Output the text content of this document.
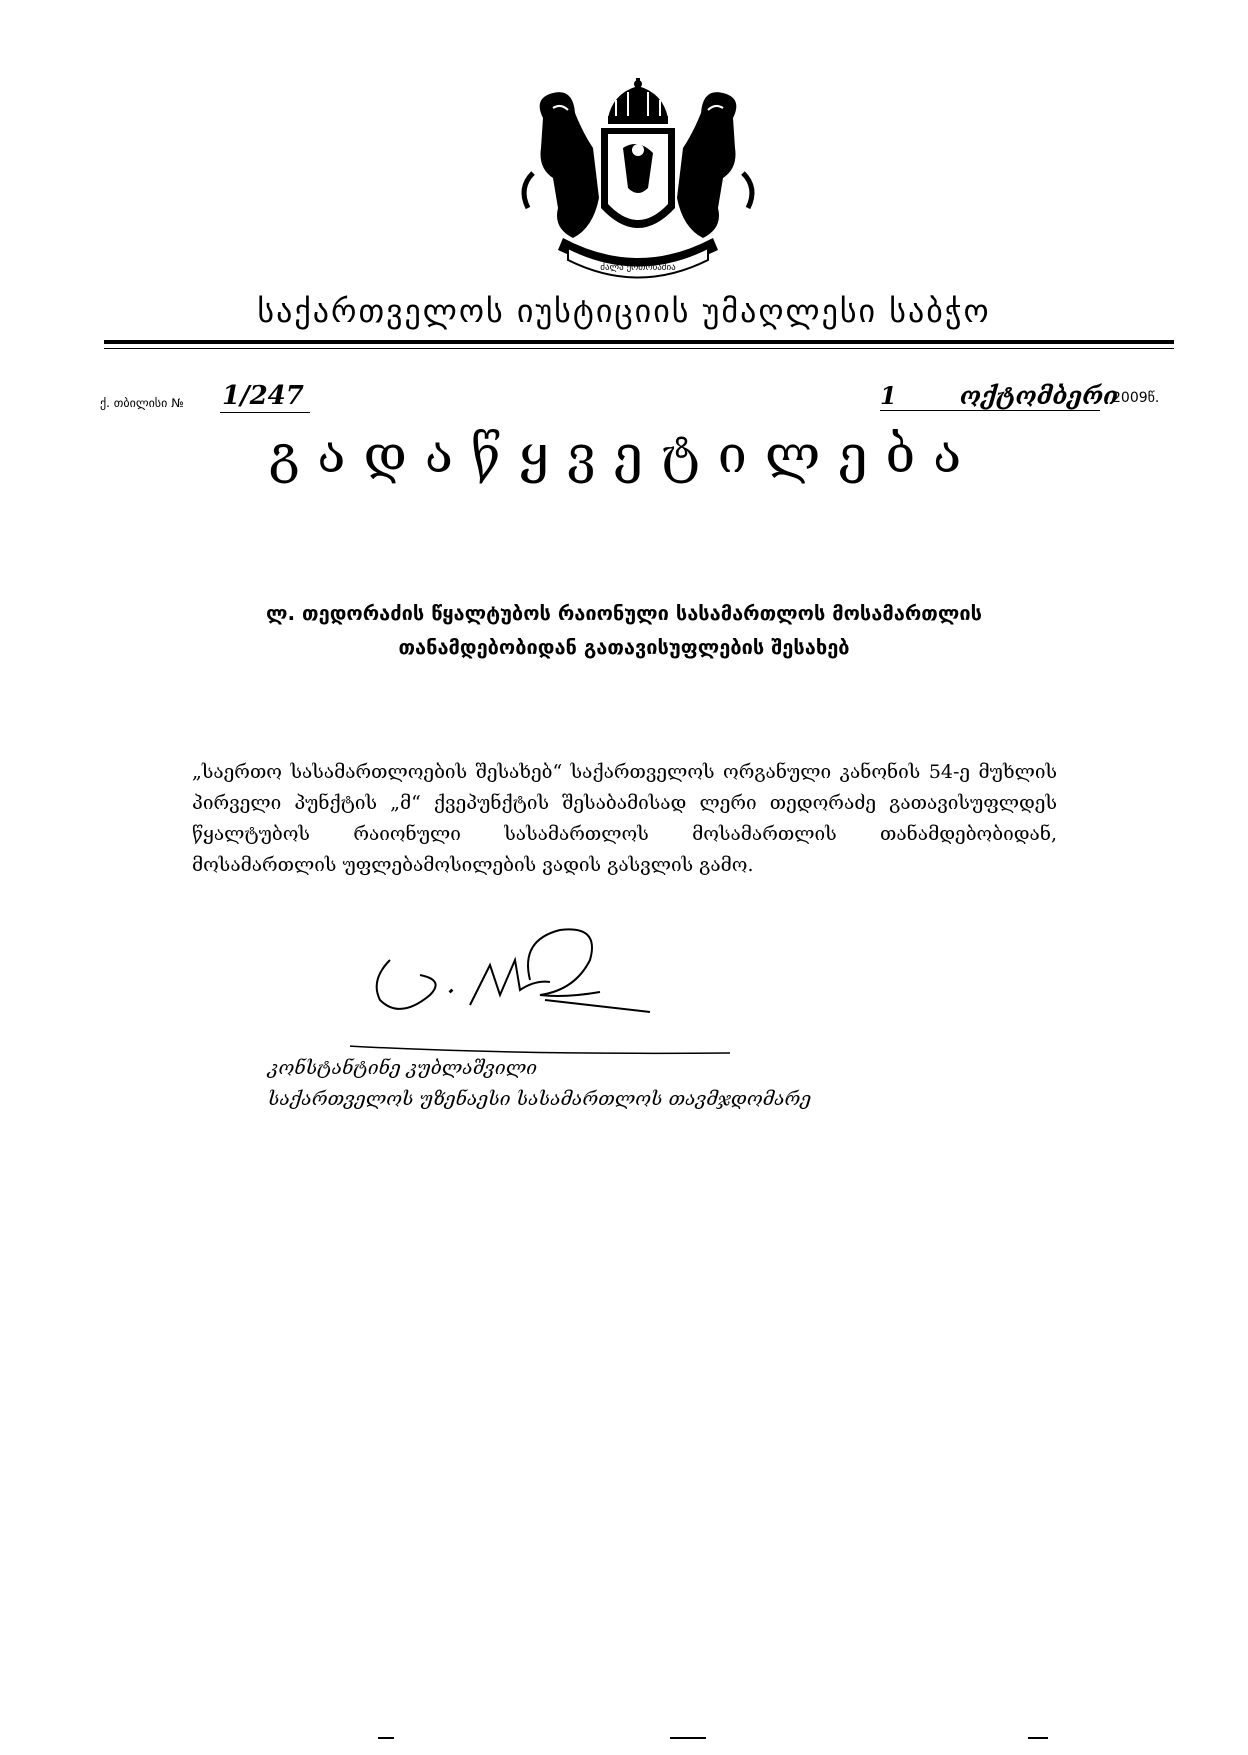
ძალა ერთობაშია
საქართველოს იუსტიციის უმაღლესი საბჭო
ქ. თბილისი № 1/247	1	ოქტომბერი
2009წ.
გადაწყვეტილება
ლ. თედორაძის წყალტუბოს რაიონული სასამართლოს მოსამართლის
თანამდებობიდან გათავისუფლების შესახებ
„საერთო სასამართლოების შესახებ“ საქართველოს ორგანული კანონის 54-ე მუხლის პირველი პუნქტის „მ“ ქვეპუნქტის შესაბამისად ლერი თედორაძე გათავისუფლდეს წყალტუბოს რაიონული სასამართლოს მოსამართლის თანამდებობიდან, მოსამართლის უფლებამოსილების ვადის გასვლის გამო.
კონსტანტინე კუბლაშვილი
საქართველოს უზენაესი სასამართლოს თავმჯდომარე
